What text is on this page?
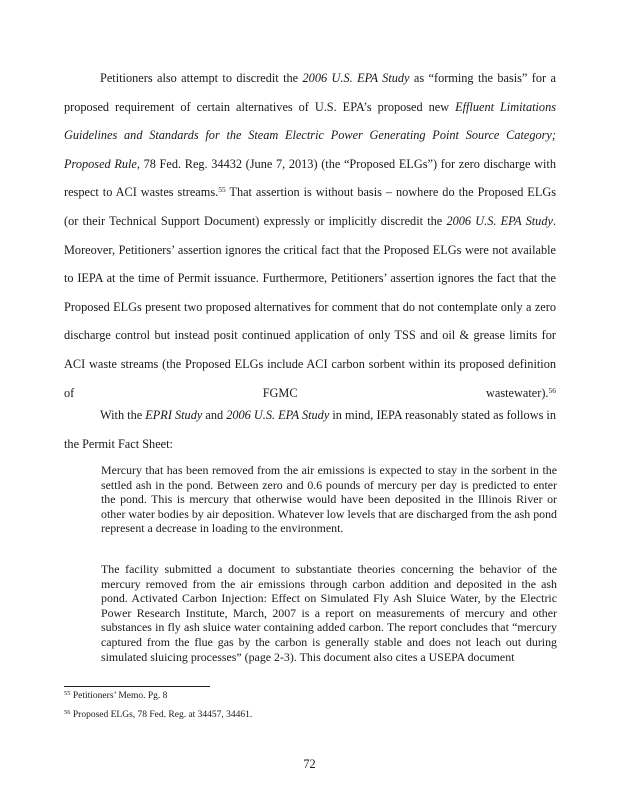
Petitioners also attempt to discredit the 2006 U.S. EPA Study as “forming the basis” for a proposed requirement of certain alternatives of U.S. EPA’s proposed new Effluent Limitations Guidelines and Standards for the Steam Electric Power Generating Point Source Category; Proposed Rule, 78 Fed. Reg. 34432 (June 7, 2013) (the “Proposed ELGs”) for zero discharge with respect to ACI wastes streams.$^{55}$ That assertion is without basis – nowhere do the Proposed ELGs (or their Technical Support Document) expressly or implicitly discredit the 2006 U.S. EPA Study. Moreover, Petitioners’ assertion ignores the critical fact that the Proposed ELGs were not available to IEPA at the time of Permit issuance. Furthermore, Petitioners’ assertion ignores the fact that the Proposed ELGs present two proposed alternatives for comment that do not contemplate only a zero discharge control but instead posit continued application of only TSS and oil & grease limits for ACI waste streams (the Proposed ELGs include ACI carbon sorbent within its proposed definition of FGMC wastewater).$^{56}$

With the EPRI Study and 2006 U.S. EPA Study in mind, IEPA reasonably stated as follows in the Permit Fact Sheet:

Mercury that has been removed from the air emissions is expected to stay in the sorbent in the settled ash in the pond. Between zero and 0.6 pounds of mercury per day is predicted to enter the pond. This is mercury that otherwise would have been deposited in the Illinois River or other water bodies by air deposition. Whatever low levels that are discharged from the ash pond represent a decrease in loading to the environment.

The facility submitted a document to substantiate theories concerning the behavior of the mercury removed from the air emissions through carbon addition and deposited in the ash pond. Activated Carbon Injection: Effect on Simulated Fly Ash Sluice Water, by the Electric Power Research Institute, March, 2007 is a report on measurements of mercury and other substances in fly ash sluice water containing added carbon. The report concludes that “mercury captured from the flue gas by the carbon is generally stable and does not leach out during simulated sluicing processes” (page 2-3). This document also cites a USEPA document

$^{55}$ Petitioners’ Memo. Pg. 8
$^{56}$ Proposed ELGs, 78 Fed. Reg. at 34457, 34461.
72
